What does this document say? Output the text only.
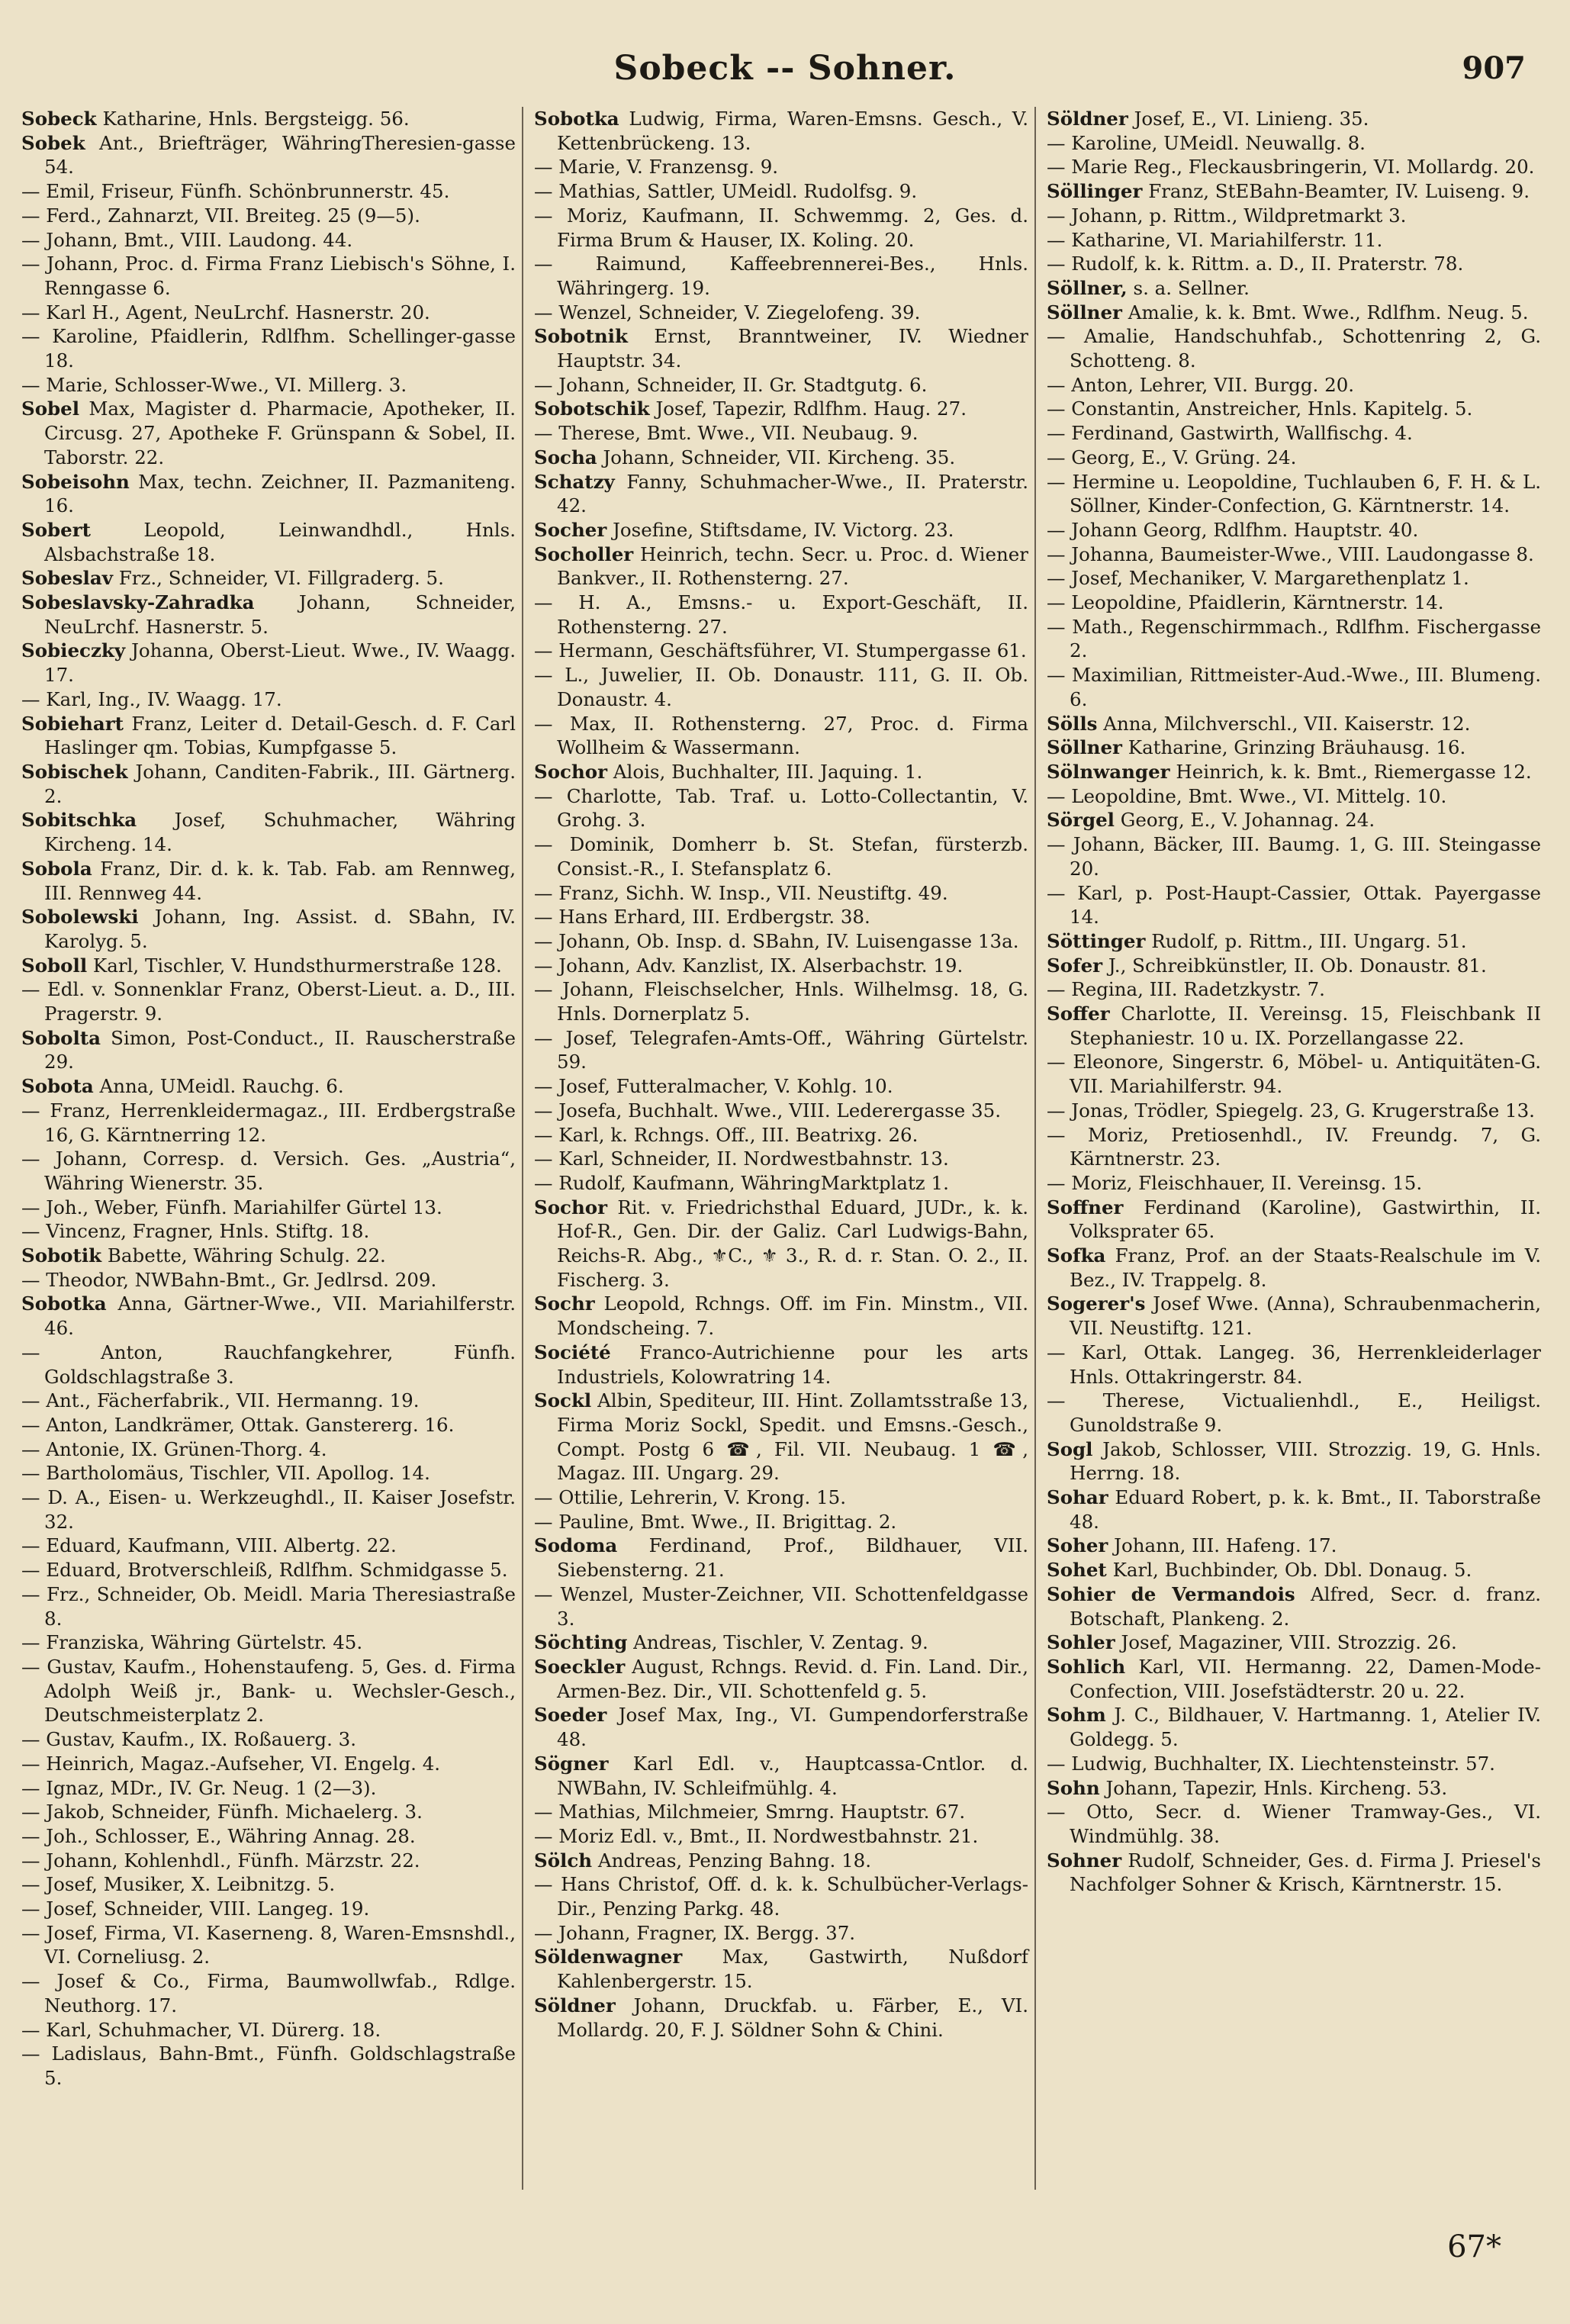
Sobeck -- Sohner.	907
Sobeck Katharine, Hnls. Bergsteigg. 56.
Sobek Ant., Briefträger, WähringTheresien-gasse 54.
— Emil, Friseur, Fünfh. Schönbrunnerstr. 45.
— Ferd., Zahnarzt, VII. Breiteg. 25 (9—5).
— Johann, Bmt., VIII. Laudong. 44.
— Johann, Proc. d. Firma Franz Liebisch's Söhne, I. Renngasse 6.
— Karl H., Agent, NeuLrchf. Hasnerstr. 20.
— Karoline, Pfaidlerin, Rdlfhm. Schellinger-gasse 18.
— Marie, Schlosser-Wwe., VI. Millerg. 3.
Sobel Max, Magister d. Pharmacie, Apotheker, II. Circusg. 27, Apotheke F. Grünspann & Sobel, II. Taborstr. 22.
Sobeisohn Max, techn. Zeichner, II. Pazmaniteng. 16.
Sobert	Leopold, Leinwandhdl., Hnls. Alsbachstraße 18.
Sobeslav Frz., Schneider, VI. Fillgraderg. 5.
Sobeslavsky-Zahradka Johann, Schneider, NeuLrchf. Hasnerstr. 5.
Sobieczky Johanna, Oberst-Lieut. Wwe., IV. Waagg. 17.
— Karl, Ing., IV. Waagg. 17.
Sobiehart Franz, Leiter d. Detail-Gesch. d. F. Carl Haslinger qm. Tobias, Kumpfgasse 5.
Sobischek Johann, Canditen-Fabrik., III. Gärtnerg. 2.
Sobitschka Josef, Schuhmacher, Währing Kircheng. 14.
Sobola Franz, Dir. d. k. k. Tab. Fab. am Rennweg, III. Rennweg 44.
Sobolewski Johann, Ing. Assist. d. SBahn, IV. Karolyg. 5.
Soboll Karl, Tischler, V. Hundsthurmerstraße 128.
— Edl. v. Sonnenklar Franz, Oberst-Lieut. a. D., III. Pragerstr. 9.
Sobolta Simon, Post-Conduct., II. Rauscherstraße 29.
Sobota Anna, UMeidl. Rauchg. 6.
— Franz, Herrenkleidermagaz., III. Erdbergstraße 16, G. Kärntnerring 12.
— Johann, Corresp. d. Versich. Ges. „Austria“, Währing Wienerstr. 35.
— Joh., Weber, Fünfh. Mariahilfer Gürtel 13.
— Vincenz, Fragner, Hnls. Stiftg. 18.
Sobotik Babette, Währing Schulg. 22.
— Theodor, NWBahn-Bmt., Gr. Jedlrsd. 209.
Sobotka Anna, Gärtner-Wwe., VII. Mariahilferstr. 46.
— Anton, Rauchfangkehrer, Fünfh. Goldschlagstraße 3.
— Ant., Fächerfabrik., VII. Hermanng. 19.
— Anton, Landkrämer, Ottak. Ganstererg. 16.
— Antonie, IX. Grünen-Thorg. 4.
— Bartholomäus, Tischler, VII. Apollog. 14.
— D. A., Eisen- u. Werkzeughdl., II. Kaiser Josefstr. 32.
— Eduard, Kaufmann, VIII. Albertg. 22.
— Eduard, Brotverschleiß, Rdlfhm. Schmidgasse 5.
— Frz., Schneider, Ob. Meidl. Maria Theresiastraße 8.
— Franziska, Währing Gürtelstr. 45.
— Gustav, Kaufm., Hohenstaufeng. 5, Ges. d. Firma Adolph Weiß jr., Bank- u. Wechsler-Gesch., Deutschmeisterplatz 2.
— Gustav, Kaufm., IX. Roßauerg. 3.
— Heinrich, Magaz.-Aufseher, VI. Engelg. 4.
— Ignaz, MDr., IV. Gr. Neug. 1 (2—3).
— Jakob, Schneider, Fünfh. Michaelerg. 3.
— Joh., Schlosser, E., Währing Annag. 28.
— Johann, Kohlenhdl., Fünfh. Märzstr. 22.
— Josef, Musiker, X. Leibnitzg. 5.
— Josef, Schneider, VIII. Langeg. 19.
— Josef, Firma, VI. Kaserneng. 8, Waren-Emsnshdl., VI. Corneliusg. 2.
— Josef & Co., Firma, Baumwollwfab., Rdlge. Neuthorg. 17.
— Karl, Schuhmacher, VI. Dürerg. 18.
— Ladislaus, Bahn-Bmt., Fünfh. Goldschlagstraße 5.
Sobotka Ludwig, Firma, Waren-Emsns. Gesch., V. Kettenbrückeng. 13.
— Marie, V. Franzensg. 9.
— Mathias, Sattler, UMeidl. Rudolfsg. 9.
— Moriz, Kaufmann, II. Schwemmg. 2, Ges. d. Firma Brum & Hauser, IX. Koling. 20.
— Raimund, Kaffeebrennerei-Bes., Hnls. Währingerg. 19.
— Wenzel, Schneider, V. Ziegelofeng. 39.
Sobotnik Ernst, Branntweiner, IV. Wiedner Hauptstr. 34.
— Johann, Schneider, II. Gr. Stadtgutg. 6.
Sobotschik Josef, Tapezir, Rdlfhm. Haug. 27.
— Therese, Bmt. Wwe., VII. Neubaug. 9.
Socha Johann, Schneider, VII. Kircheng. 35.
Schatzy Fanny, Schuhmacher-Wwe., II. Praterstr. 42.
Socher Josefine, Stiftsdame, IV. Victorg. 23.
Socholler Heinrich, techn. Secr. u. Proc. d. Wiener Bankver., II. Rothensterng. 27.
— H. A., Emsns.- u. Export-Geschäft, II. Rothensterng. 27.
— Hermann, Geschäftsführer, VI. Stumpergasse 61.
— L., Juwelier, II. Ob. Donaustr. 111, G. II. Ob. Donaustr. 4.
— Max, II. Rothensterng. 27, Proc. d. Firma Wollheim & Wassermann.
Sochor Alois, Buchhalter, III. Jaquing. 1.
— Charlotte, Tab. Traf. u. Lotto-Collectantin, V. Grohg. 3.
— Dominik, Domherr b. St. Stefan, fürsterzb. Consist.-R., I. Stefansplatz 6.
— Franz, Sichh. W. Insp., VII. Neustiftg. 49.
— Hans Erhard, III. Erdbergstr. 38.
— Johann, Ob. Insp. d. SBahn, IV. Luisengasse 13a.
— Johann, Adv. Kanzlist, IX. Alserbachstr. 19.
— Johann, Fleischselcher, Hnls. Wilhelmsg. 18, G. Hnls. Dornerplatz 5.
— Josef, Telegrafen-Amts-Off., Währing Gürtelstr. 59.
— Josef, Futteralmacher, V. Kohlg. 10.
— Josefa, Buchhalt. Wwe., VIII. Lederergasse 35.
— Karl, k. Rchngs. Off., III. Beatrixg. 26.
— Karl, Schneider, II. Nordwestbahnstr. 13.
— Rudolf, Kaufmann, WähringMarktplatz 1.
Sochor Rit. v. Friedrichsthal Eduard, JUDr., k. k. Hof-R., Gen. Dir. der Galiz. Carl Ludwigs-Bahn, Reichs-R. Abg., ⚜C., ⚜ 3., R. d. r. Stan. O. 2., II. Fischerg. 3.
Sochr Leopold, Rchngs. Off. im Fin. Minstm., VII. Mondscheing. 7.
Société Franco-Autrichienne pour les arts Industriels, Kolowratring 14.
Sockl Albin, Spediteur, III. Hint. Zollamtsstraße 13, Firma Moriz Sockl, Spedit. und Emsns.-Gesch., Compt. Postg 6 ☎, Fil. VII. Neubaug. 1 ☎, Magaz. III. Ungarg. 29.
— Ottilie, Lehrerin, V. Krong. 15.
— Pauline, Bmt. Wwe., II. Brigittag. 2.
Sodoma Ferdinand, Prof., Bildhauer, VII. Siebensterng. 21.
— Wenzel, Muster-Zeichner, VII. Schottenfeldgasse 3.
Söchting Andreas, Tischler, V. Zentag. 9.
Soeckler August, Rchngs. Revid. d. Fin. Land. Dir., Armen-Bez. Dir., VII. Schottenfeld g. 5.
Soeder Josef Max, Ing., VI. Gumpendorferstraße 48.
Sögner Karl Edl. v., Hauptcassa-Cntlor. d. NWBahn, IV. Schleifmühlg. 4.
— Mathias, Milchmeier, Smrng. Hauptstr. 67.
— Moriz Edl. v., Bmt., II. Nordwestbahnstr. 21.
Sölch Andreas, Penzing Bahng. 18.
— Hans Christof, Off. d. k. k. Schulbücher-Verlags-Dir., Penzing Parkg. 48.
— Johann, Fragner, IX. Bergg. 37.
Söldenwagner Max, Gastwirth, Nußdorf Kahlenbergerstr. 15.
Söldner Johann, Druckfab. u. Färber, E., VI. Mollardg. 20, F. J. Söldner Sohn & Chini.
Söldner Josef, E., VI. Linieng. 35.
— Karoline, UMeidl. Neuwallg. 8.
— Marie Reg., Fleckausbringerin, VI. Mollardg. 20.
Söllinger Franz, StEBahn-Beamter, IV. Luiseng. 9.
— Johann, p. Rittm., Wildpretmarkt 3.
— Katharine, VI. Mariahilferstr. 11.
— Rudolf, k. k. Rittm. a. D., II. Praterstr. 78.
Söllner, s. a. Sellner.
Söllner Amalie, k. k. Bmt. Wwe., Rdlfhm. Neug. 5.
— Amalie, Handschuhfab., Schottenring 2, G. Schotteng. 8.
— Anton, Lehrer, VII. Burgg. 20.
— Constantin, Anstreicher, Hnls. Kapitelg. 5.
— Ferdinand, Gastwirth, Wallfischg. 4.
— Georg, E., V. Grüng. 24.
— Hermine u. Leopoldine, Tuchlauben 6, F. H. & L. Söllner, Kinder-Confection, G. Kärntnerstr. 14.
— Johann Georg, Rdlfhm. Hauptstr. 40.
— Johanna, Baumeister-Wwe., VIII. Laudongasse 8.
— Josef, Mechaniker, V. Margarethenplatz 1.
— Leopoldine, Pfaidlerin, Kärntnerstr. 14.
— Math., Regenschirmmach., Rdlfhm. Fischergasse 2.
— Maximilian, Rittmeister-Aud.-Wwe., III. Blumeng. 6.
Sölls Anna, Milchverschl., VII. Kaiserstr. 12.
Söllner Katharine, Grinzing Bräuhausg. 16.
Sölnwanger Heinrich, k. k. Bmt., Riemergasse 12.
— Leopoldine, Bmt. Wwe., VI. Mittelg. 10.
Sörgel Georg, E., V. Johannag. 24.
— Johann, Bäcker, III. Baumg. 1, G. III. Steingasse 20.
— Karl, p. Post-Haupt-Cassier, Ottak. Payergasse 14.
Söttinger Rudolf, p. Rittm., III. Ungarg. 51.
Sofer J., Schreibkünstler, II. Ob. Donaustr. 81.
— Regina, III. Radetzkystr. 7.
Soffer Charlotte, II. Vereinsg. 15, Fleischbank II Stephaniestr. 10 u. IX. Porzellangasse 22.
— Eleonore, Singerstr. 6, Möbel- u. Antiquitäten-G. VII. Mariahilferstr. 94.
— Jonas, Trödler, Spiegelg. 23, G. Krugerstraße 13.
— Moriz, Pretiosenhdl., IV. Freundg. 7, G. Kärntnerstr. 23.
— Moriz, Fleischhauer, II. Vereinsg. 15.
Soffner Ferdinand (Karoline), Gastwirthin, II. Volksprater 65.
Sofka Franz, Prof. an der Staats-Realschule im V. Bez., IV. Trappelg. 8.
Sogerer's Josef Wwe. (Anna), Schraubenmacherin, VII. Neustiftg. 121.
— Karl, Ottak. Langeg. 36, Herrenkleiderlager Hnls. Ottakringerstr. 84.
— Therese, Victualienhdl., E., Heiligst. Gunoldstraße 9.
Sogl Jakob, Schlosser, VIII. Strozzig. 19, G. Hnls. Herrng. 18.
Sohar Eduard Robert, p. k. k. Bmt., II. Taborstraße 48.
Soher Johann, III. Hafeng. 17.
Sohet Karl, Buchbinder, Ob. Dbl. Donaug. 5.
Sohier de Vermandois Alfred, Secr. d. franz. Botschaft, Plankeng. 2.
Sohler Josef, Magaziner, VIII. Strozzig. 26.
Sohlich Karl, VII. Hermanng. 22, Damen-Mode-Confection, VIII. Josefstädterstr. 20 u. 22.
Sohm J. C., Bildhauer, V. Hartmanng. 1, Atelier IV. Goldegg. 5.
— Ludwig, Buchhalter, IX. Liechtensteinstr. 57.
Sohn Johann, Tapezir, Hnls. Kircheng. 53.
— Otto, Secr. d. Wiener Tramway-Ges., VI. Windmühlg. 38.
Sohner Rudolf, Schneider, Ges. d. Firma J. Priesel's Nachfolger Sohner & Krisch, Kärntnerstr. 15.
67*
